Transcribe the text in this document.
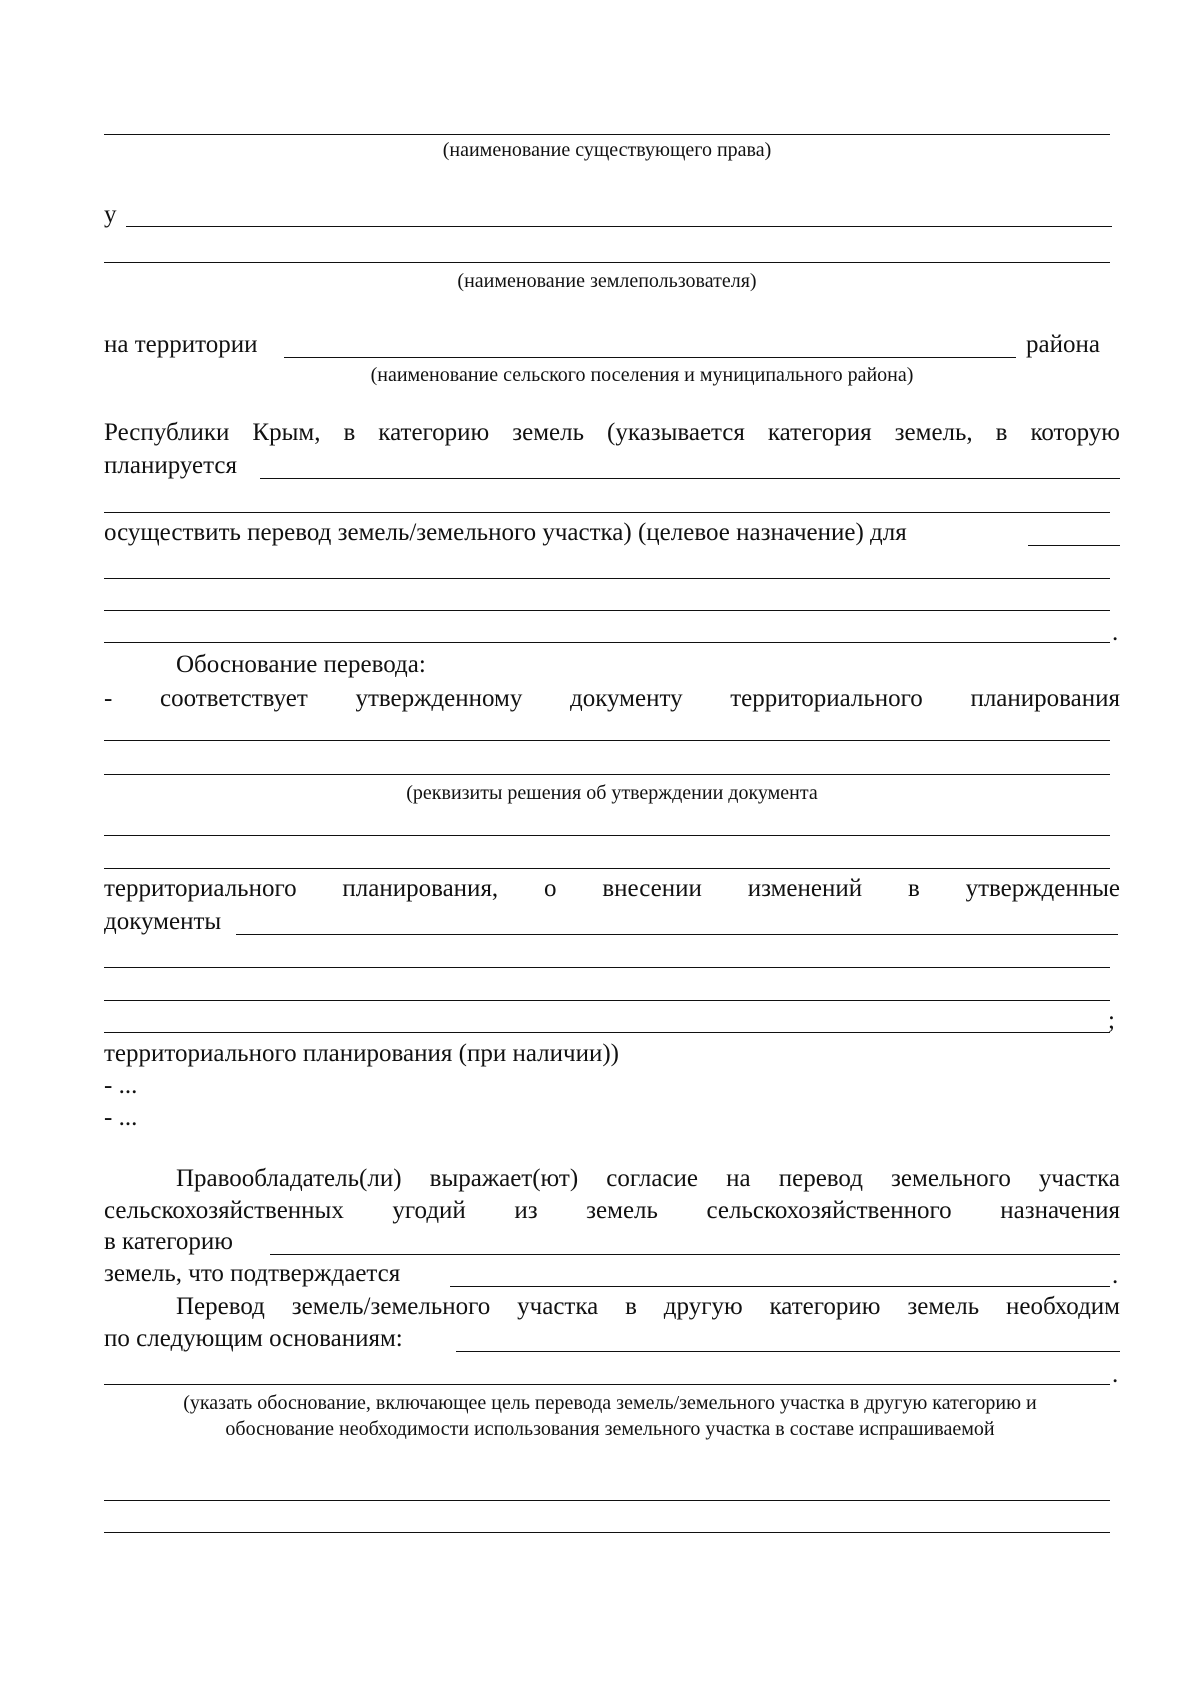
(наименование существующего права)
у
(наименование землепользователя)
на территории	района
(наименование сельского поселения и муниципального района)
Республики Крым, в категорию земель (указывается категория земель, в которую
планируется
осуществить перевод земель/земельного участка) (целевое назначение) для
.
Обоснование перевода:
- соответствует утвержденному документу территориального планирования
(реквизиты решения об утверждении документа
территориального планирования, о внесении изменений в утвержденные
документы
;
территориального планирования (при наличии))
- ...
- ...
Правообладатель(ли) выражает(ют) согласие на перевод земельного участка
сельскохозяйственных угодий из земель сельскохозяйственного назначения
в категорию
земель, что подтверждается	.
Перевод земель/земельного участка в другую категорию земель необходим
по следующим основаниям:
.
(указать обоснование, включающее цель перевода земель/земельного участка в другую категорию и обоснование необходимости использования земельного участка в составе испрашиваемой
